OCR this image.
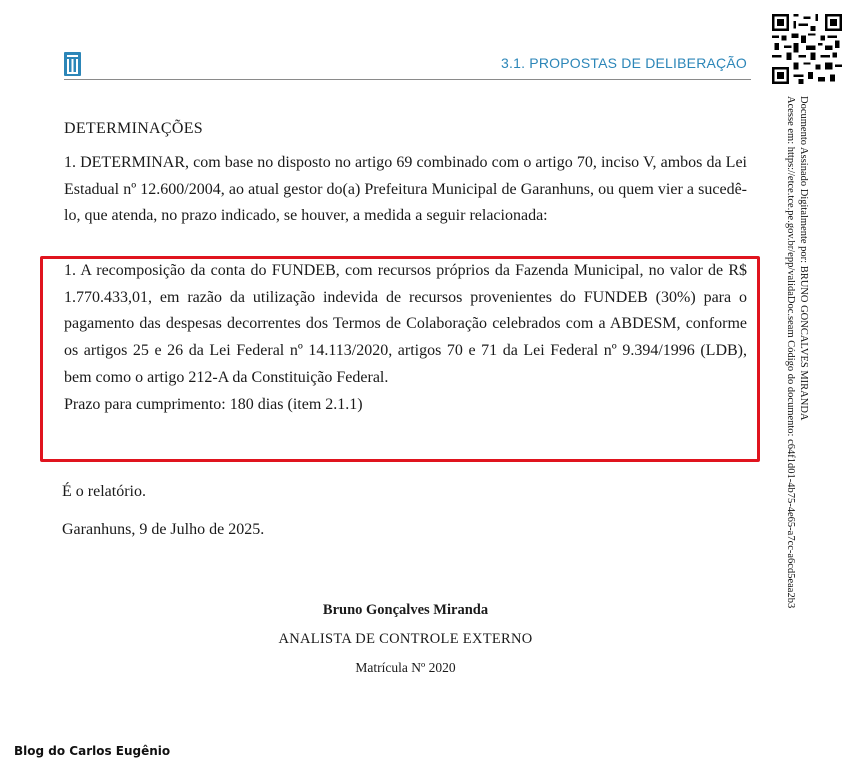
3.1. PROPOSTAS DE DELIBERAÇÃO
Documento Assinado Digitalmente por: BRUNO GONCALVES MIRANDA
Acesse em: https://etce.tce.pe.gov.br/epp/validaDoc.seam Código do documento: c64f1d01-4b75-4e65-a7cc-a6cd5eaa2b3
DETERMINAÇÕES
1. DETERMINAR, com base no disposto no artigo 69 combinado com o artigo 70, inciso V, ambos da Lei Estadual nº 12.600/2004, ao atual gestor do(a) Prefeitura Municipal de Garanhuns, ou quem vier a sucedê-lo, que atenda, no prazo indicado, se houver, a medida a seguir relacionada:
1. A recomposição da conta do FUNDEB, com recursos próprios da Fazenda Municipal, no valor de R$ 1.770.433,01, em razão da utilização indevida de recursos provenientes do FUNDEB (30%) para o pagamento das despesas decorrentes dos Termos de Colaboração celebrados com a ABDESM, conforme os artigos 25 e 26 da Lei Federal nº 14.113/2020, artigos 70 e 71 da Lei Federal nº 9.394/1996 (LDB), bem como o artigo 212-A da Constituição Federal.
Prazo para cumprimento: 180 dias (item 2.1.1)
É o relatório.
Garanhuns, 9 de Julho de 2025.
Bruno Gonçalves Miranda
ANALISTA DE CONTROLE EXTERNO
Matrícula Nº 2020
Blog do Carlos Eugênio
